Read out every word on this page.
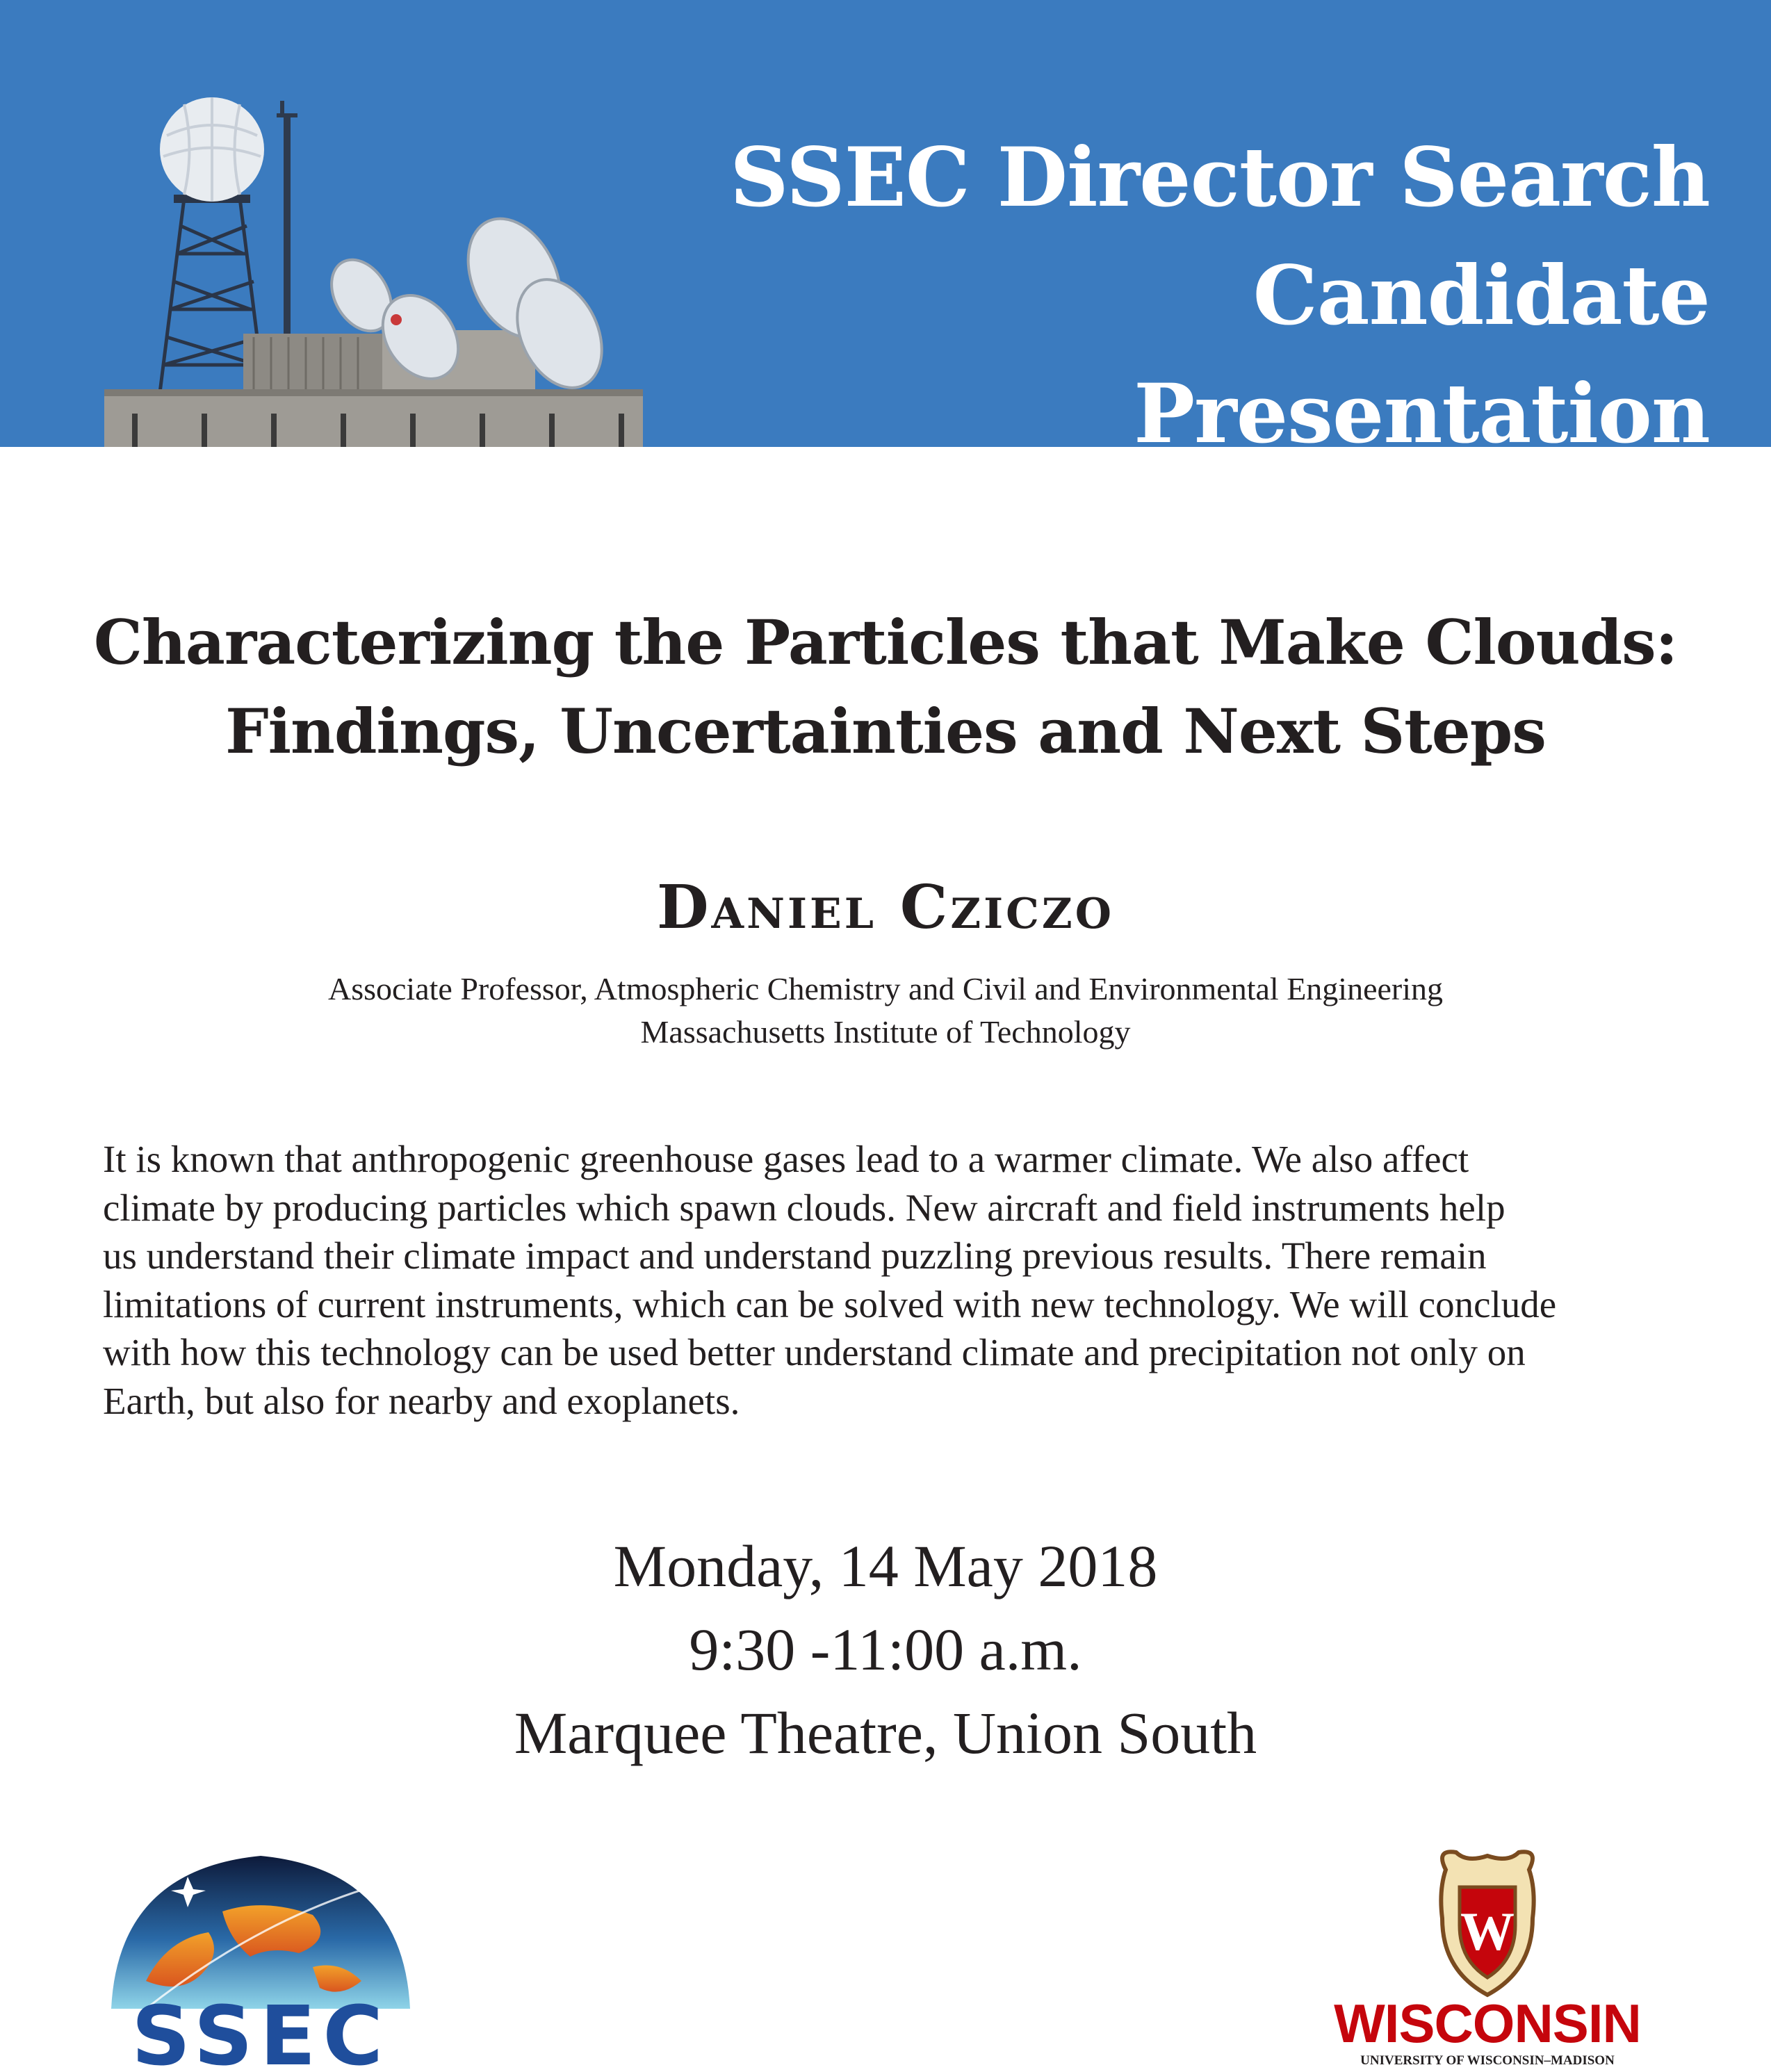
SSEC Director Search
Candidate Presentation
Characterizing the Particles that Make Clouds:
Findings, Uncertainties and Next Steps
Daniel Cziczo
Associate Professor, Atmospheric Chemistry and Civil and Environmental Engineering
Massachusetts Institute of Technology
It is known that anthropogenic greenhouse gases lead to a warmer climate. We also affect
climate by producing particles which spawn clouds. New aircraft and field instruments help
us understand their climate impact and understand puzzling previous results. There remain
limitations of current instruments, which can be solved with new technology. We will conclude
with how this technology can be used better understand climate and precipitation not only on
Earth, but also for nearby and exoplanets.
Monday, 14 May 2018
9:30 -11:00 a.m.
Marquee Theatre, Union South
SSEC
W
WISCONSIN
UNIVERSITY OF WISCONSIN–MADISON
